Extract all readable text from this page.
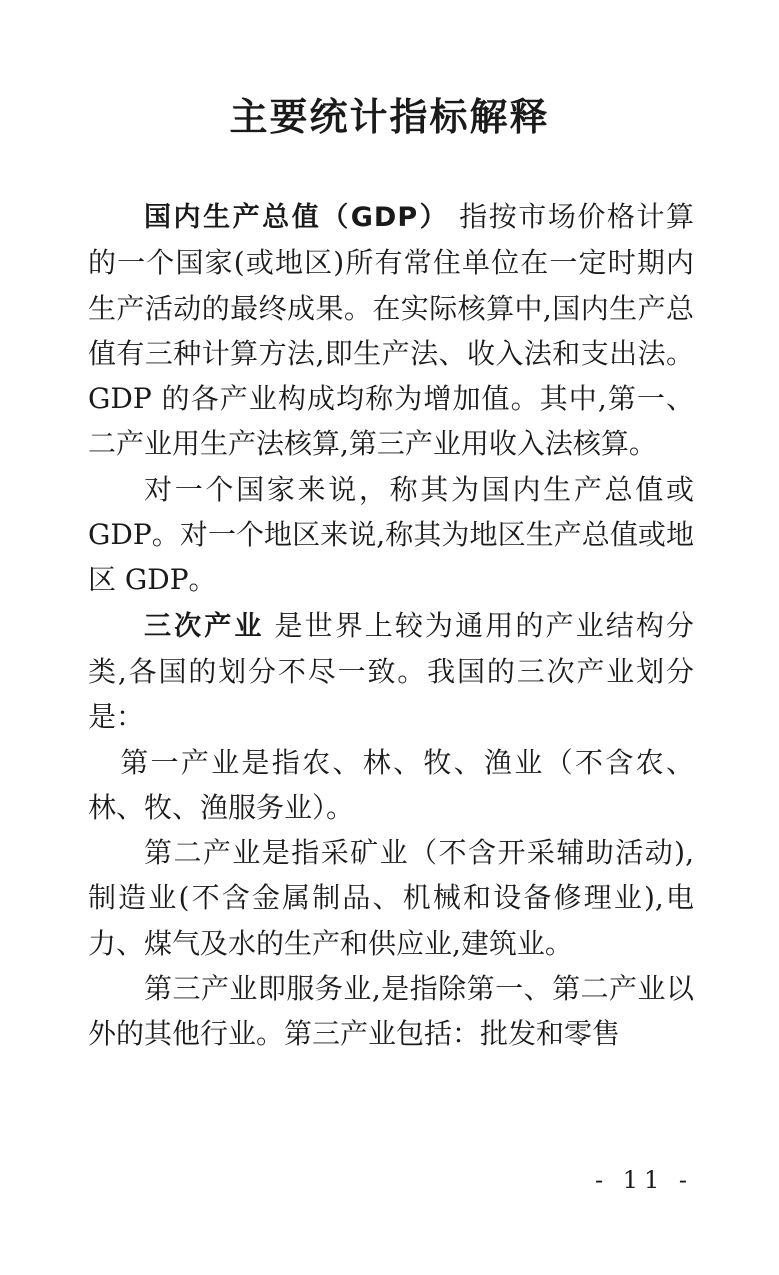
主要统计指标解释

国内生产总值（GDP） 指按市场价格计算的一个国家(或地区)所有常住单位在一定时期内生产活动的最终成果。在实际核算中,国内生产总值有三种计算方法,即生产法、收入法和支出法。GDP 的各产业构成均称为增加值。其中,第一、二产业用生产法核算,第三产业用收入法核算。

对一个国家来说，称其为国内生产总值或 GDP。对一个地区来说,称其为地区生产总值或地区 GDP。

三次产业 是世界上较为通用的产业结构分类,各国的划分不尽一致。我国的三次产业划分是：

第一产业是指农、林、牧、渔业（不含农、林、牧、渔服务业）。

第二产业是指采矿业（不含开采辅助活动),制造业(不含金属制品、机械和设备修理业),电力、煤气及水的生产和供应业,建筑业。

第三产业即服务业,是指除第一、第二产业以外的其他行业。第三产业包括：批发和零售

- 11 -
